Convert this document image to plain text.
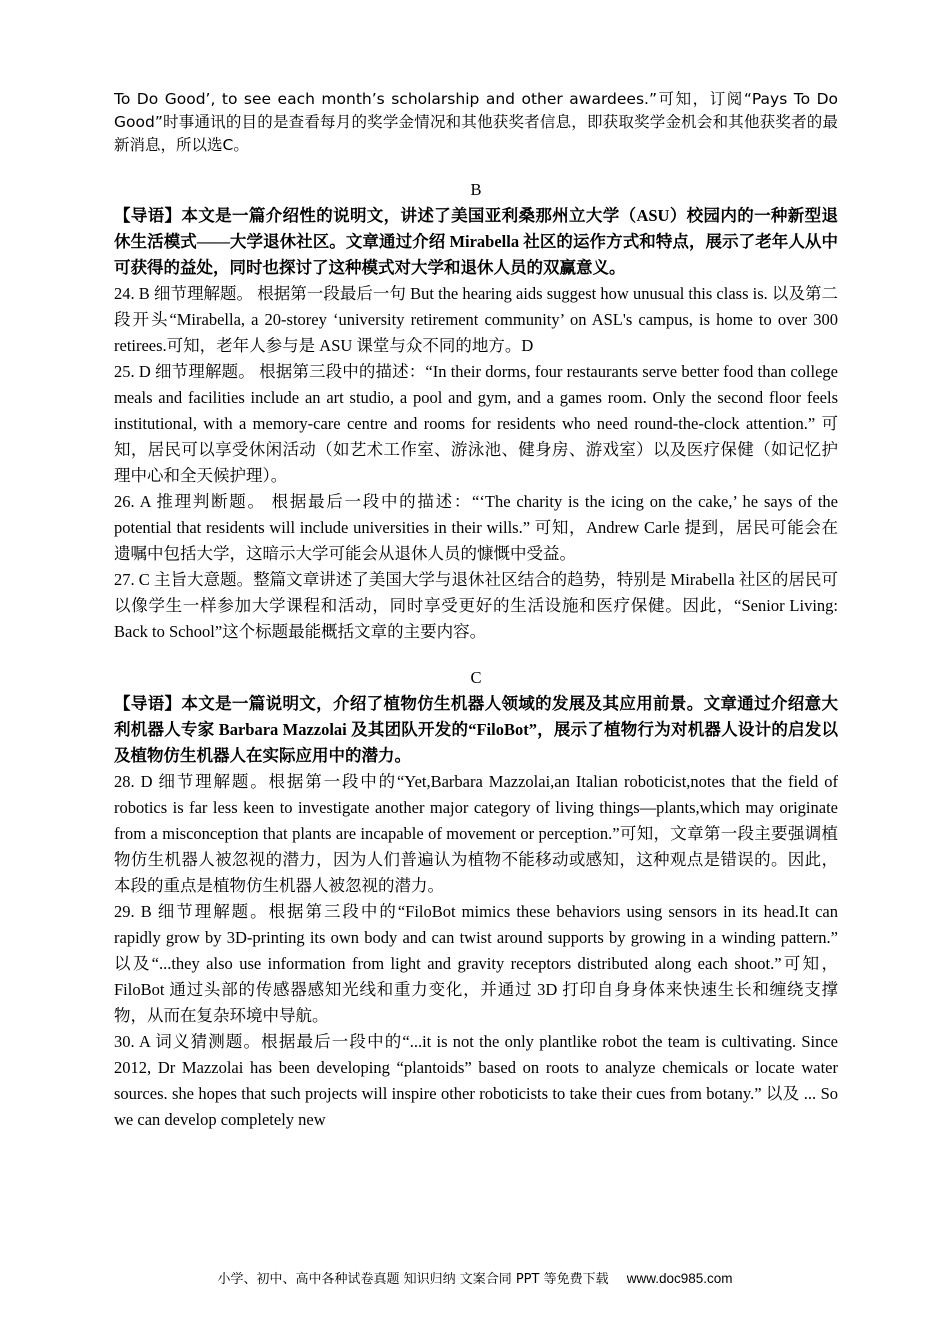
To Do Good’, to see each month’s scholarship and other awardees.”可知，订阅“Pays To Do Good”时事通讯的目的是查看每月的奖学金情况和其他获奖者信息，即获取奖学金机会和其他获奖者的最新消息，所以选C。

B

【导语】本文是一篇介绍性的说明文，讲述了美国亚利桑那州立大学（ASU）校园内的一种新型退休生活模式——大学退休社区。文章通过介绍 Mirabella 社区的运作方式和特点，展示了老年人从中可获得的益处，同时也探讨了这种模式对大学和退休人员的双赢意义。

24. B 细节理解题。 根据第一段最后一句 But the hearing aids suggest how unusual this class is. 以及第二段开头“Mirabella, a 20-storey ‘university retirement community’ on ASL's campus, is home to over 300 retirees.可知，老年人参与是 ASU 课堂与众不同的地方。D

25. D 细节理解题。 根据第三段中的描述：“In their dorms, four restaurants serve better food than college meals and facilities include an art studio, a pool and gym, and a games room. Only the second floor feels institutional, with a memory-care centre and rooms for residents who need round-the-clock attention.” 可知，居民可以享受休闲活动（如艺术工作室、游泳池、健身房、游戏室）以及医疗保健（如记忆护理中心和全天候护理）。

26. A 推理判断题。 根据最后一段中的描述：“‘The charity is the icing on the cake,’ he says of the potential that residents will include universities in their wills.” 可知，Andrew Carle 提到，居民可能会在遗嘱中包括大学，这暗示大学可能会从退休人员的慷慨中受益。

27. C 主旨大意题。整篇文章讲述了美国大学与退休社区结合的趋势，特别是 Mirabella 社区的居民可以像学生一样参加大学课程和活动，同时享受更好的生活设施和医疗保健。因此，“Senior Living: Back to School”这个标题最能概括文章的主要内容。

C

【导语】本文是一篇说明文，介绍了植物仿生机器人领域的发展及其应用前景。文章通过介绍意大利机器人专家 Barbara Mazzolai 及其团队开发的“FiloBot”，展示了植物行为对机器人设计的启发以及植物仿生机器人在实际应用中的潜力。

28. D 细节理解题。根据第一段中的“Yet,Barbara Mazzolai,an Italian roboticist,notes that the field of robotics is far less keen to investigate another major category of living things—plants,which may originate from a misconception that plants are incapable of movement or perception.”可知，文章第一段主要强调植物仿生机器人被忽视的潜力，因为人们普遍认为植物不能移动或感知，这种观点是错误的。因此，本段的重点是植物仿生机器人被忽视的潜力。

29. B 细节理解题。根据第三段中的“FiloBot mimics these behaviors using sensors in its head.It can rapidly grow by 3D-printing its own body and can twist around supports by growing in a winding pattern.” 以及“...they also use information from light and gravity receptors distributed along each shoot.”可知，FiloBot 通过头部的传感器感知光线和重力变化，并通过 3D 打印自身身体来快速生长和缠绕支撑物，从而在复杂环境中导航。

30. A 词义猜测题。根据最后一段中的“...it is not the only plantlike robot the team is cultivating. Since 2012, Dr Mazzolai has been developing “plantoids” based on roots to analyze chemicals or locate water sources. she hopes that such projects will inspire other roboticists to take their cues from botany.” 以及 ... So we can develop completely new

小学、初中、高中各种试卷真题 知识归纳 文案合同 PPT 等免费下载 www.doc985.com
